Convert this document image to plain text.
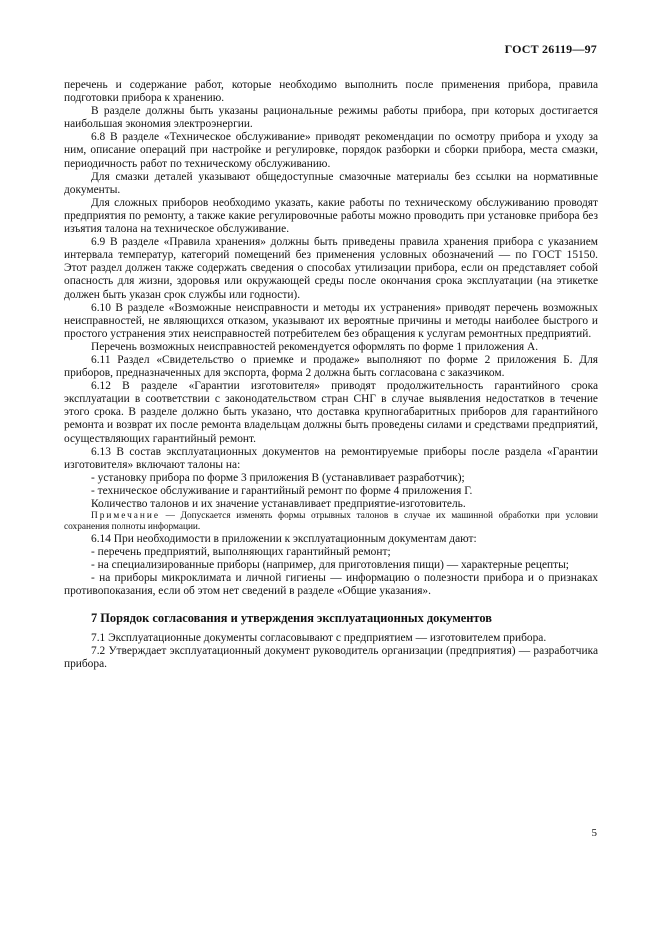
ГОСТ 26119—97

перечень и содержание работ, которые необходимо выполнить после применения прибора, правила подготовки прибора к хранению.

В разделе должны быть указаны рациональные режимы работы прибора, при которых достигается наибольшая экономия электроэнергии.

6.8 В разделе «Техническое обслуживание» приводят рекомендации по осмотру прибора и уходу за ним, описание операций при настройке и регулировке, порядок разборки и сборки прибора, места смазки, периодичность работ по техническому обслуживанию.

Для смазки деталей указывают общедоступные смазочные материалы без ссылки на нормативные документы.

Для сложных приборов необходимо указать, какие работы по техническому обслуживанию проводят предприятия по ремонту, а также какие регулировочные работы можно проводить при установке прибора без изъятия талона на техническое обслуживание.

6.9 В разделе «Правила хранения» должны быть приведены правила хранения прибора с указанием интервала температур, категорий помещений без применения условных обозначений — по ГОСТ 15150. Этот раздел должен также содержать сведения о способах утилизации прибора, если он представляет собой опасность для жизни, здоровья или окружающей среды после окончания срока эксплуатации (на этикетке должен быть указан срок службы или годности).

6.10 В разделе «Возможные неисправности и методы их устранения» приводят перечень возможных неисправностей, не являющихся отказом, указывают их вероятные причины и методы наиболее быстрого и простого устранения этих неисправностей потребителем без обращения к услугам ремонтных предприятий.

Перечень возможных неисправностей рекомендуется оформлять по форме 1 приложения А.

6.11 Раздел «Свидетельство о приемке и продаже» выполняют по форме 2 приложения Б. Для приборов, предназначенных для экспорта, форма 2 должна быть согласована с заказчиком.

6.12 В разделе «Гарантии изготовителя» приводят продолжительность гарантийного срока эксплуатации в соответствии с законодательством стран СНГ в случае выявления недостатков в течение этого срока. В разделе должно быть указано, что доставка крупногабаритных приборов для гарантийного ремонта и возврат их после ремонта владельцам должны быть проведены силами и средствами предприятий, осуществляющих гарантийный ремонт.

6.13 В состав эксплуатационных документов на ремонтируемые приборы после раздела «Гарантии изготовителя» включают талоны на:

- установку прибора по форме 3 приложения В (устанавливает разработчик);

- техническое обслуживание и гарантийный ремонт по форме 4 приложения Г.

Количество талонов и их значение устанавливает предприятие-изготовитель.

Примечание — Допускается изменять формы отрывных талонов в случае их машинной обработки при условии сохранения полноты информации.

6.14 При необходимости в приложении к эксплуатационным документам дают:

- перечень предприятий, выполняющих гарантийный ремонт;

- на специализированные приборы (например, для приготовления пищи) — характерные рецепты;

- на приборы микроклимата и личной гигиены — информацию о полезности прибора и о признаках противопоказания, если об этом нет сведений в разделе «Общие указания».

7 Порядок согласования и утверждения эксплуатационных документов

7.1 Эксплуатационные документы согласовывают с предприятием — изготовителем прибора.

7.2 Утверждает эксплуатационный документ руководитель организации (предприятия) — разработчика прибора.

5
